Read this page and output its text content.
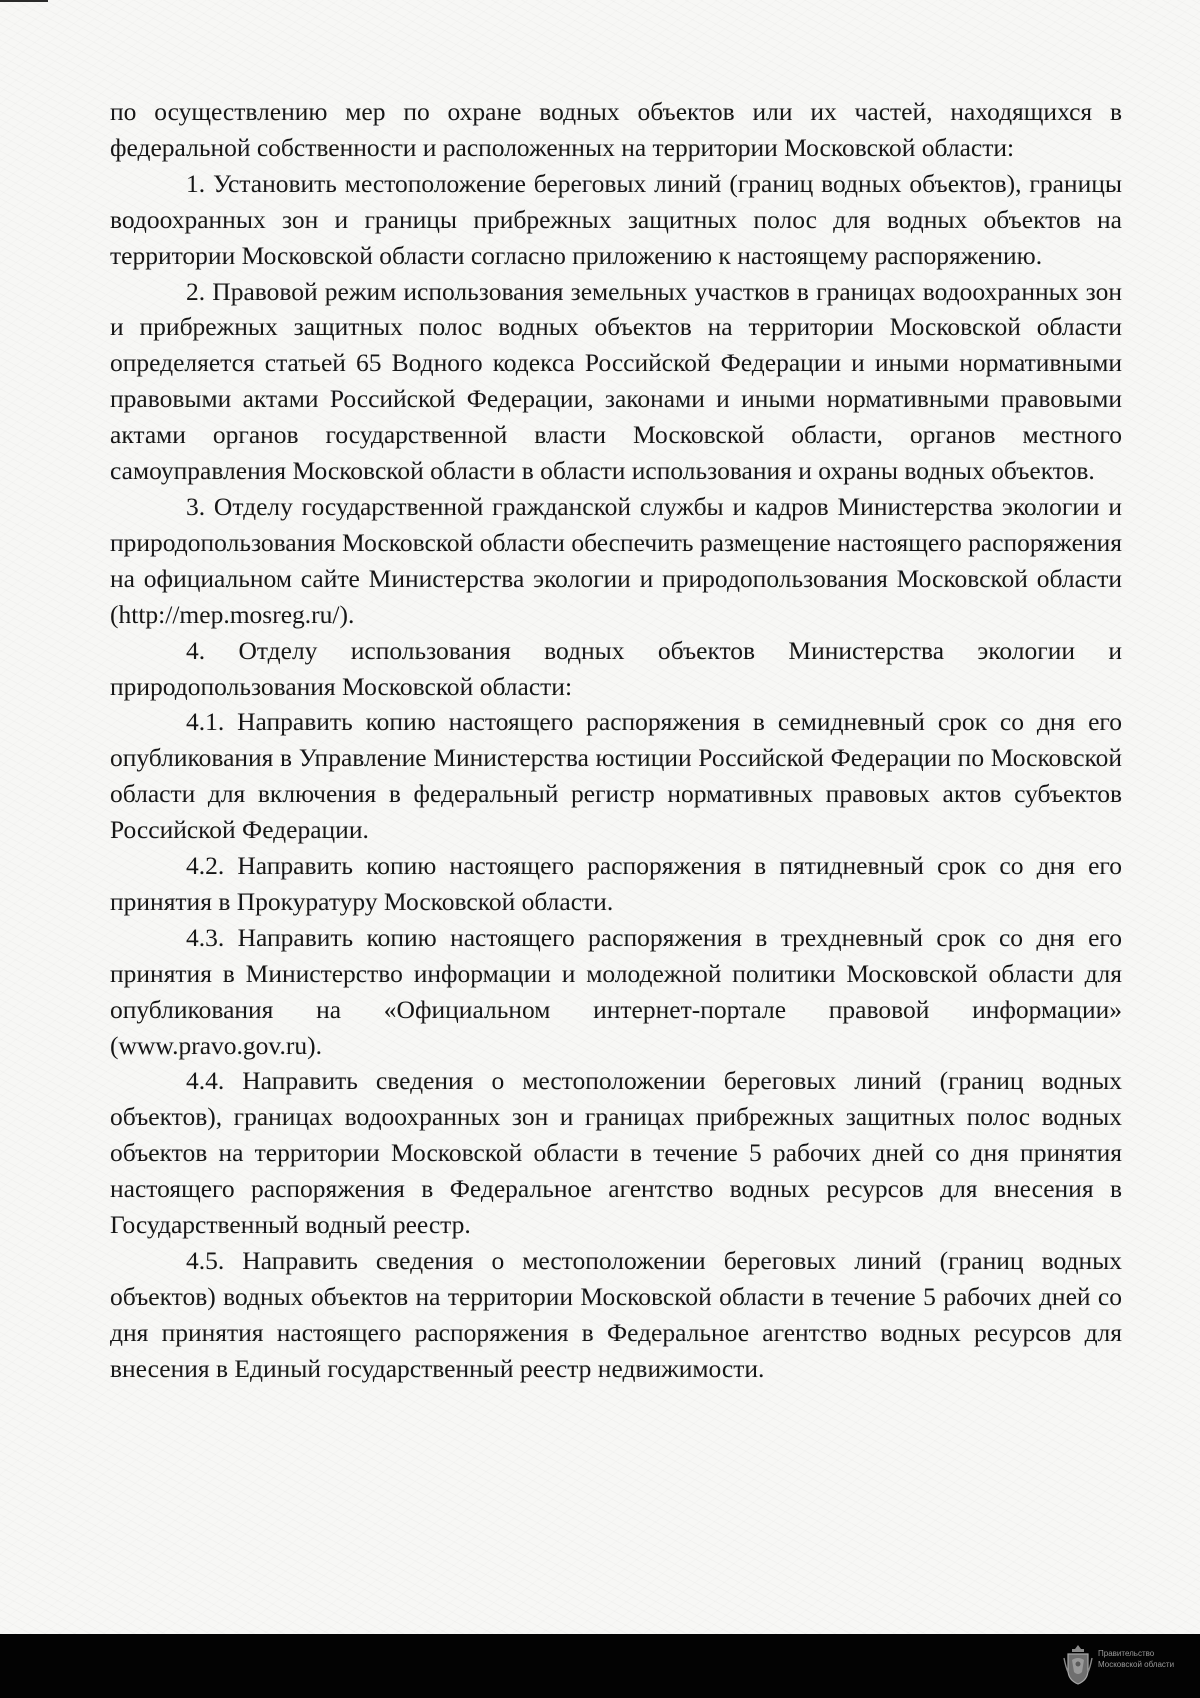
по осуществлению мер по охране водных объектов или их частей, находящихся в федеральной собственности и расположенных на территории Московской области:

1. Установить местоположение береговых линий (границ водных объектов), границы водоохранных зон и границы прибрежных защитных полос для водных объектов на территории Московской области согласно приложению к настоящему распоряжению.

2. Правовой режим использования земельных участков в границах водоохранных зон и прибрежных защитных полос водных объектов на территории Московской области определяется статьей 65 Водного кодекса Российской Федерации и иными нормативными правовыми актами Российской Федерации, законами и иными нормативными правовыми актами органов государственной власти Московской области, органов местного самоуправления Московской области в области использования и охраны водных объектов.

3. Отделу государственной гражданской службы и кадров Министерства экологии и природопользования Московской области обеспечить размещение настоящего распоряжения на официальном сайте Министерства экологии и природопользования Московской области (http://mep.mosreg.ru/).

4. Отделу использования водных объектов Министерства экологии и природопользования Московской области:

4.1. Направить копию настоящего распоряжения в семидневный срок со дня его опубликования в Управление Министерства юстиции Российской Федерации по Московской области для включения в федеральный регистр нормативных правовых актов субъектов Российской Федерации.

4.2. Направить копию настоящего распоряжения в пятидневный срок со дня его принятия в Прокуратуру Московской области.

4.3. Направить копию настоящего распоряжения в трехдневный срок со дня его принятия в Министерство информации и молодежной политики Московской области для опубликования на «Официальном интернет-портале правовой информации» (www.pravo.gov.ru).

4.4. Направить сведения о местоположении береговых линий (границ водных объектов), границах водоохранных зон и границах прибрежных защитных полос водных объектов на территории Московской области в течение 5 рабочих дней со дня принятия настоящего распоряжения в Федеральное агентство водных ресурсов для внесения в Государственный водный реестр.

4.5. Направить сведения о местоположении береговых линий (границ водных объектов) водных объектов на территории Московской области в течение 5 рабочих дней со дня принятия настоящего распоряжения в Федеральное агентство водных ресурсов для внесения в Единый государственный реестр недвижимости.

Правительство
Московской области
